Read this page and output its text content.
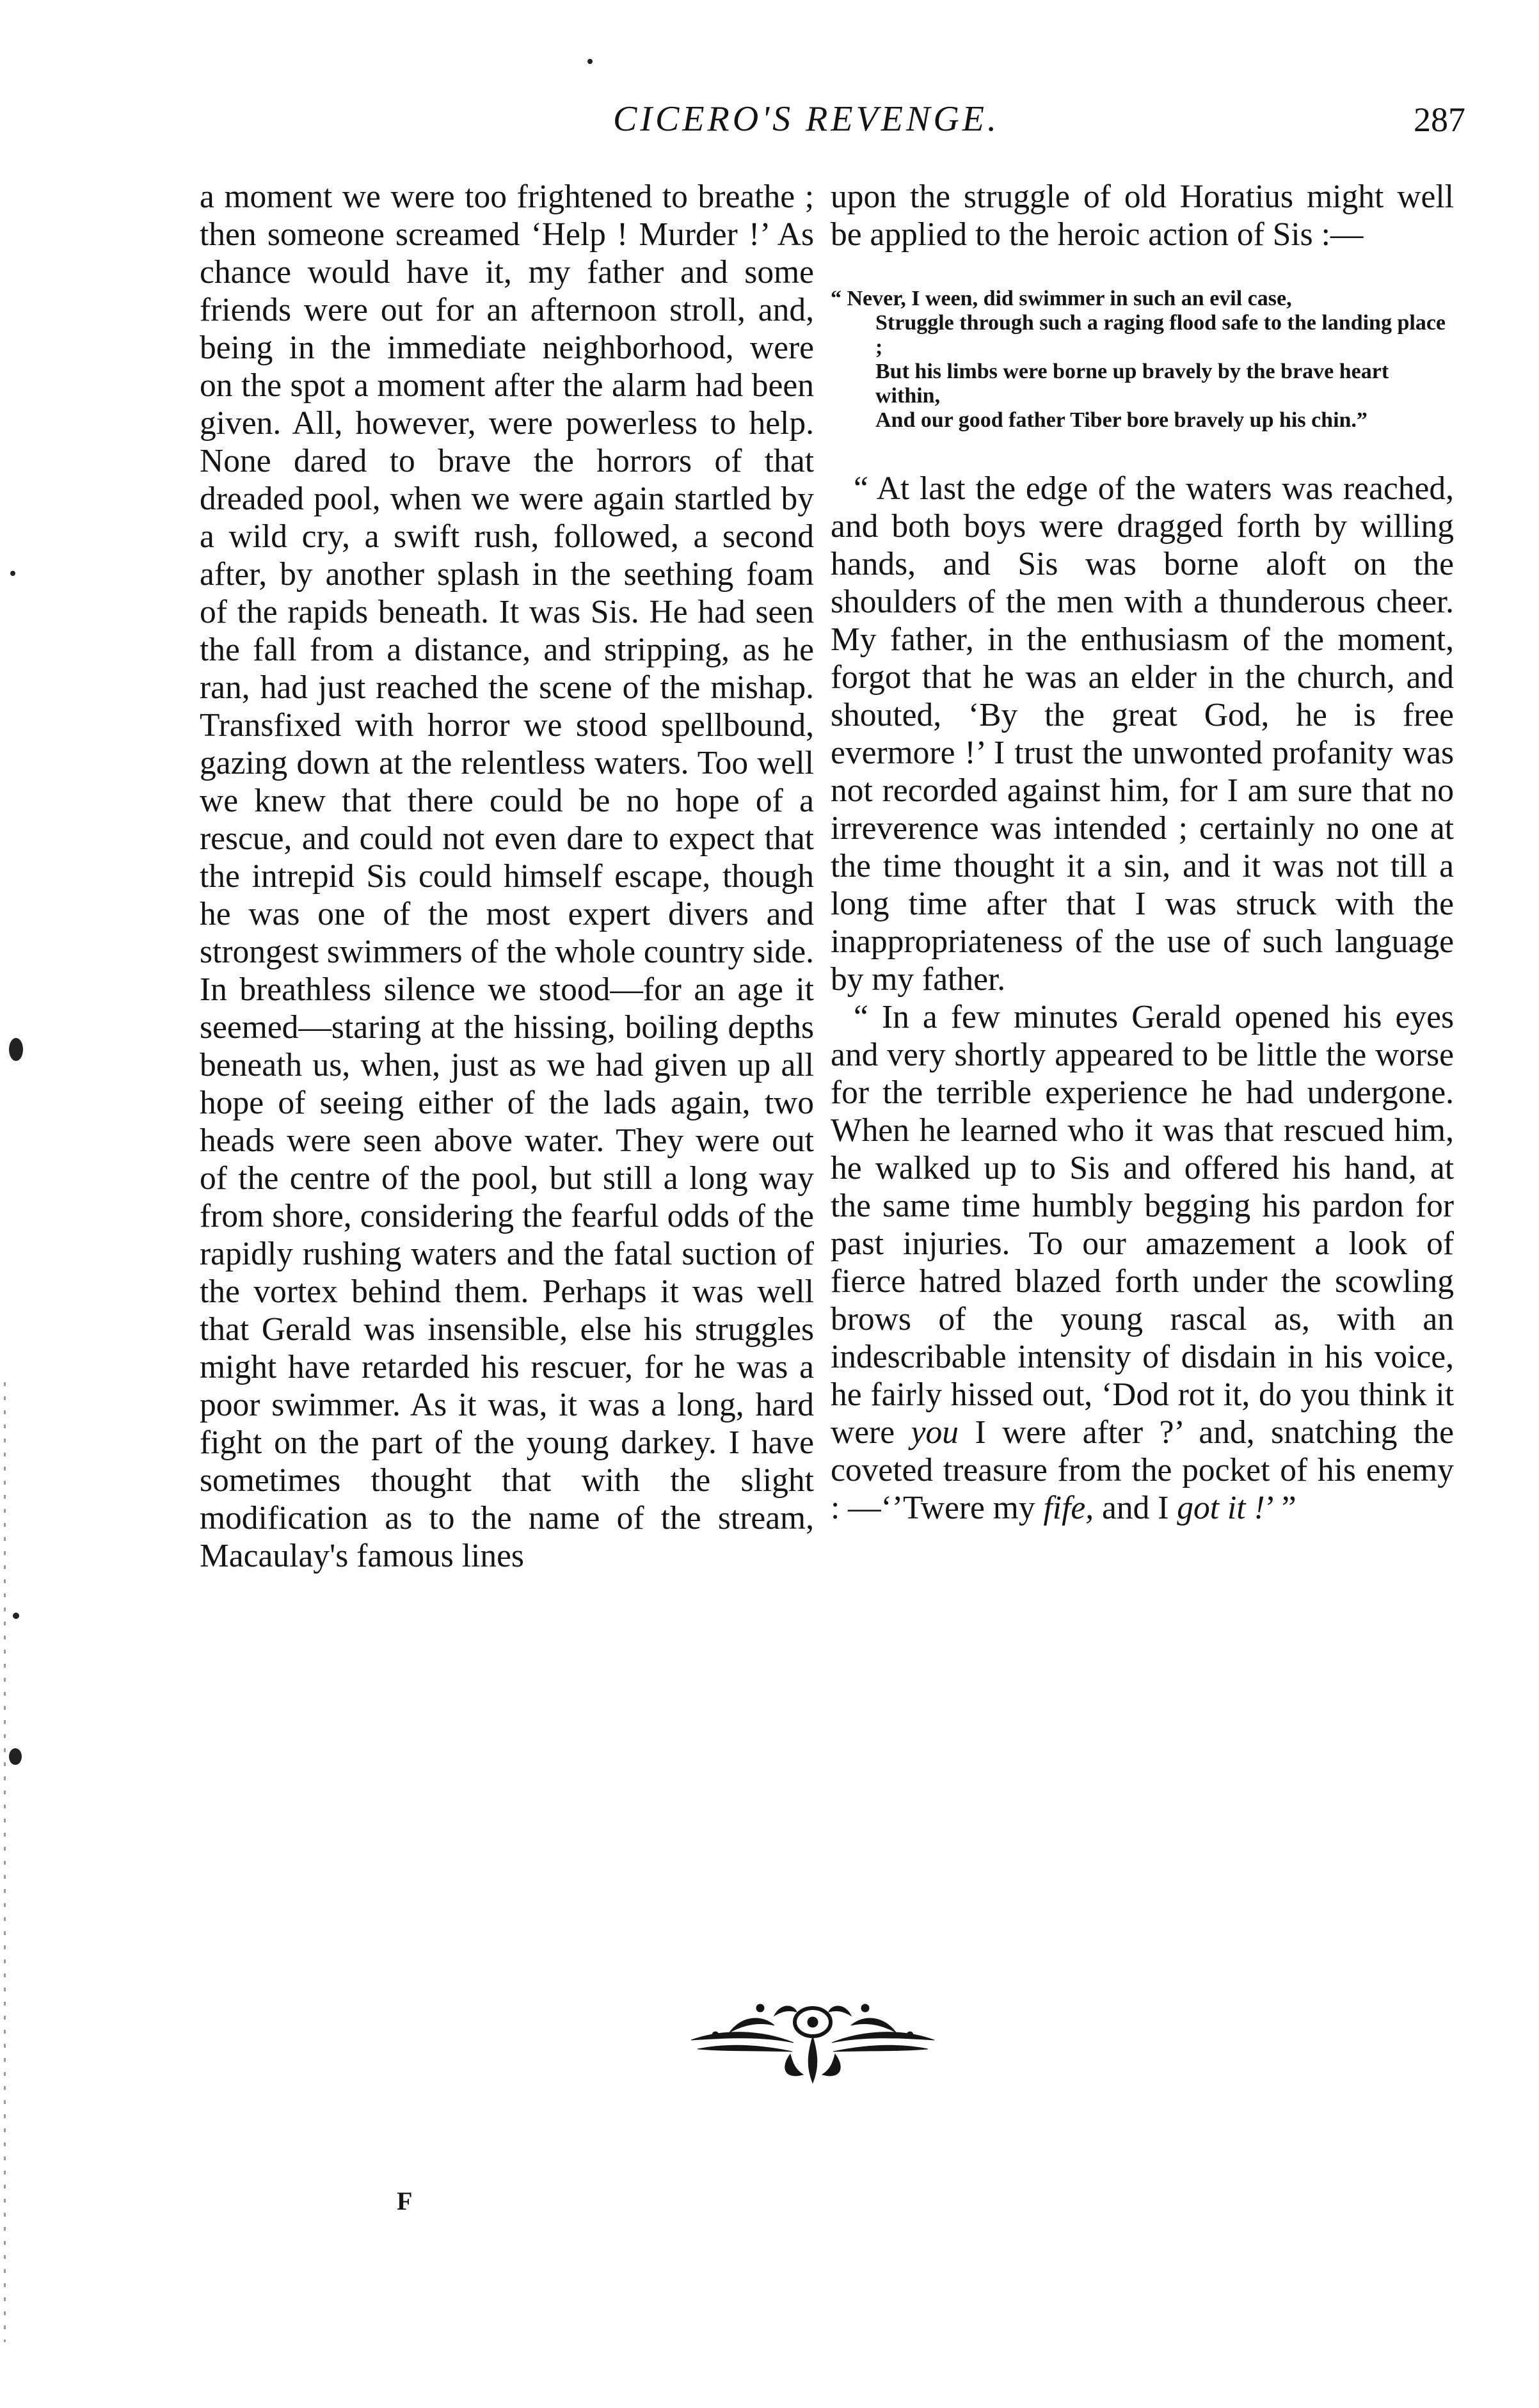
CICERO'S REVENGE.	287

a moment we were too frightened to breathe ; then someone screamed ‘Help ! Murder !’ As chance would have it, my father and some friends were out for an afternoon stroll, and, being in the immediate neighborhood, were on the spot a moment after the alarm had been given. All, however, were powerless to help. None dared to brave the horrors of that dreaded pool, when we were again startled by a wild cry, a swift rush, followed, a second after, by another splash in the seething foam of the rapids beneath. It was Sis. He had seen the fall from a distance, and stripping, as he ran, had just reached the scene of the mishap. Transfixed with horror we stood spellbound, gazing down at the relentless waters. Too well we knew that there could be no hope of a rescue, and could not even dare to expect that the intrepid Sis could himself escape, though he was one of the most expert divers and strongest swimmers of the whole country side. In breathless silence we stood—for an age it seemed—staring at the hissing, boiling depths beneath us, when, just as we had given up all hope of seeing either of the lads again, two heads were seen above water. They were out of the centre of the pool, but still a long way from shore, considering the fearful odds of the rapidly rushing waters and the fatal suction of the vortex behind them. Perhaps it was well that Gerald was insensible, else his struggles might have retarded his rescuer, for he was a poor swimmer. As it was, it was a long, hard fight on the part of the young darkey. I have sometimes thought that with the slight modification as to the name of the stream, Macaulay's famous lines

upon the struggle of old Horatius might well be applied to the heroic action of Sis :—

“ Never, I ween, did swimmer in such an evil case,

Struggle through such a raging flood safe to the landing place ;

But his limbs were borne up bravely by the brave heart within,

And our good father Tiber bore bravely up his chin.”

“ At last the edge of the waters was reached, and both boys were dragged forth by willing hands, and Sis was borne aloft on the shoulders of the men with a thunderous cheer. My father, in the enthusiasm of the moment, forgot that he was an elder in the church, and shouted, ‘By the great God, he is free evermore !’ I trust the unwonted profanity was not recorded against him, for I am sure that no irreverence was intended ; certainly no one at the time thought it a sin, and it was not till a long time after that I was struck with the inappropriateness of the use of such language by my father.

“ In a few minutes Gerald opened his eyes and very shortly appeared to be little the worse for the terrible experience he had undergone. When he learned who it was that rescued him, he walked up to Sis and offered his hand, at the same time humbly begging his pardon for past injuries. To our amazement a look of fierce hatred blazed forth under the scowling brows of the young rascal as, with an indescribable intensity of disdain in his voice, he fairly hissed out, ‘Dod rot it, do you think it were you I were after ?’ and, snatching the coveted treasure from the pocket of his enemy : —‘’Twere my fife, and I got it !’ ”

F
